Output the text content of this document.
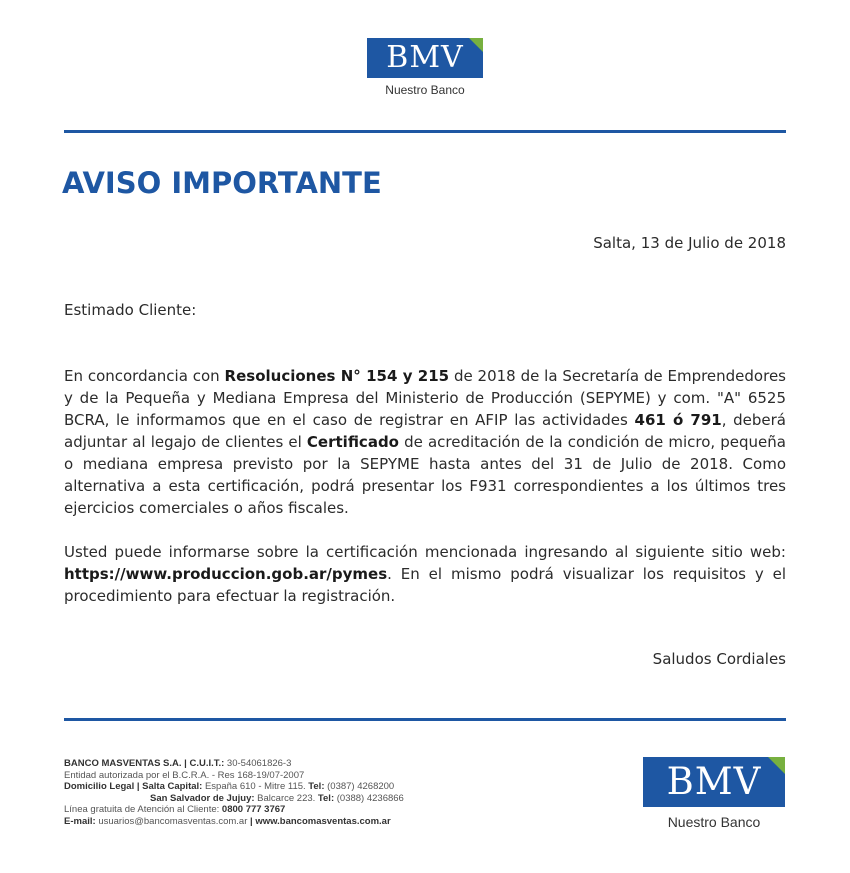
BMV
Nuestro Banco
AVISO IMPORTANTE
Salta, 13 de Julio de 2018
Estimado Cliente:

En concordancia con Resoluciones N° 154 y 215 de 2018 de la Secretaría de Emprendedores y de la Pequeña y Mediana Empresa del Ministerio de Producción (SEPYME) y com. "A" 6525 BCRA, le informamos que en el caso de registrar en AFIP las actividades 461 ó 791, deberá adjuntar al legajo de clientes el Certificado de acreditación de la condición de micro, pequeña o mediana empresa previsto por la SEPYME hasta antes del 31 de Julio de 2018. Como alternativa a esta certificación, podrá presentar los F931 correspondientes a los últimos tres ejercicios comerciales o años fiscales.

Usted puede informarse sobre la certificación mencionada ingresando al siguiente sitio web: https://www.produccion.gob.ar/pymes. En el mismo podrá visualizar los requisitos y el procedimiento para efectuar la registración.

Saludos Cordiales
BANCO MASVENTAS S.A. | C.U.I.T.: 30-54061826-3
Entidad autorizada por el B.C.R.A. - Res 168-19/07-2007
Domicilio Legal | Salta Capital: España 610 - Mitre 115. Tel: (0387) 4268200
San Salvador de Jujuy: Balcarce 223. Tel: (0388) 4236866
Línea gratuita de Atención al Cliente: 0800 777 3767
E-mail: usuarios@bancomasventas.com.ar | www.bancomasventas.com.ar
BMV
Nuestro Banco
